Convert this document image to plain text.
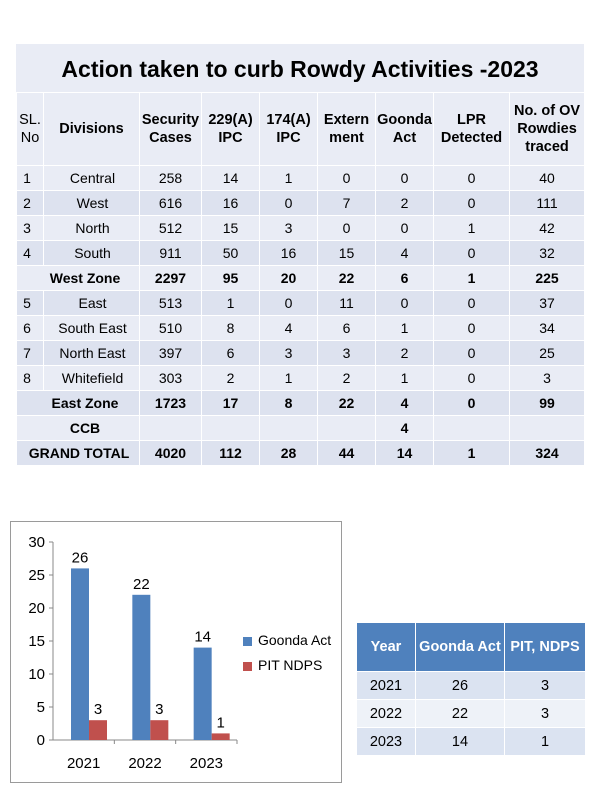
Action taken to curb Rowdy Activities -2023
SL. No	Divisions	Security Cases	229(A) IPC	174(A) IPC	Extern ment	Goonda Act	LPR Detected	No. of OV Rowdies traced
1	Central	258	14	1	0	0	0	40
2	West	616	16	0	7	2	0	111
3	North	512	15	3	0	0	1	42
4	South	911	50	16	15	4	0	32
West Zone		2297	95	20	22	6	1	225
5	East	513	1	0	11	0	0	37
6	South East	510	8	4	6	1	0	34
7	North East	397	6	3	3	2	0	25
8	Whitefield	303	2	1	2	1	0	3
East Zone		1723	17	8	22	4	0	99
CCB						4		
GRAND TOTAL		4020	112	28	44	14	1	324
0
5
10
15
20
25
30
26
3
2021
22
3
2022
14
1
2023
Goonda Act
PIT NDPS
Year	Goonda Act	PIT, NDPS
2021	26	3
2022	22	3
2023	14	1
